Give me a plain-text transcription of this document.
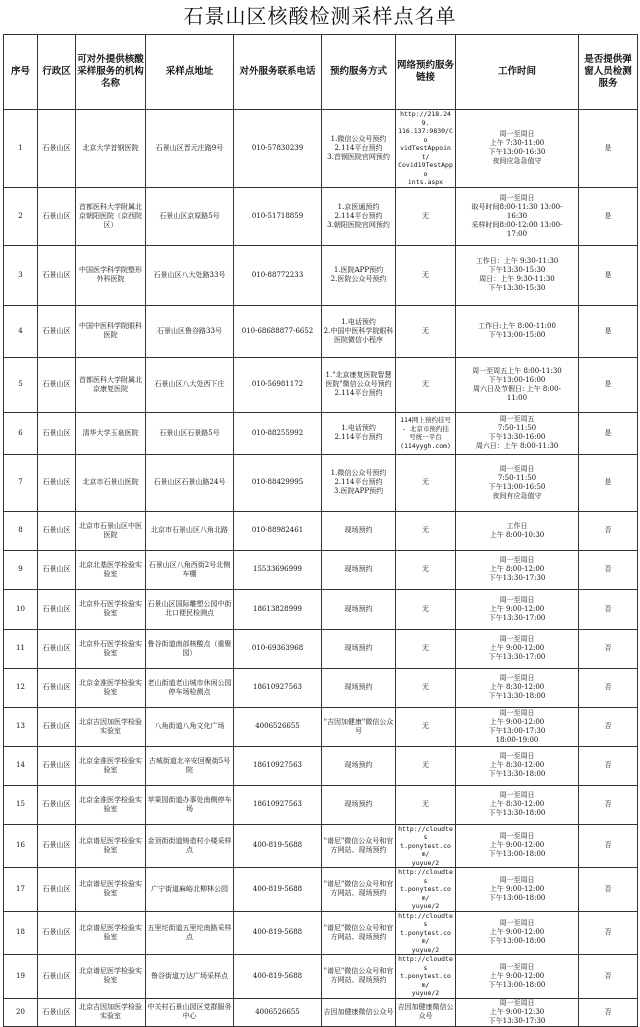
石景山区核酸检测采样点名单
序号	行政区	可对外提供核酸采样服务的机构名称	采样点地址	对外服务联系电话	预约服务方式	网络预约服务链接	工作时间	是否提供弹窗人员检测服务
1	石景山区	北京大学首钢医院	石景山区晋元庄路9号	010-57830239	1.微信公众号预约
2.114平台预约
3.首钢医院官网预约	http://218.249.
116.137:9830/Co
vidTestAppoint/
Covid19TestAppo
ints.aspx	周一至周日
上午 7:30-11:00
下午13:00-16:30
夜间应急急值守	是
2	石景山区	首都医科大学附属北京朝阳医院（京西院区）	石景山区京原路5号	010-51718859	1.京医通预约
2.114平台预约
3.朝阳医院官网预约	无	周一至周日
取号时间8:00-11:30 13:00-
16:30
采样时间8:00-12:00 13:00-
17:00	是
3	石景山区	中国医学科学院整形外科医院	石景山区八大处路33号	010-88772233	1.医院APP预约
2.医院公众号预约	无	工作日：上午 9:30-11:30
下午13:30-15:30
周日：上午 9:30-11:30
下午13:30-15:30	是
4	石景山区	中国中医科学院眼科医院	石景山区鲁谷路33号	010-68688877-6652	1.电话预约
2.中国中医科学院眼科医院微信小程序	无	工作日:上午 8:00-11:00
下午13:00-15:00	是
5	石景山区	首都医科大学附属北京康复医院	石景山区八大处西下庄	010-56981172	1."北京康复医院智慧医院"微信公众号预约
2.114平台预约	无	周一至周五上午 8:00-11:30
下午13:00-16:00
周六日及节假日: 上午 8:00-
11:00	是
6	石景山区	清华大学玉泉医院	石景山区石景路5号	010-88255992	1.电话预约
2.114平台预约	114网上预约挂号
- 北京市预约挂
号统一平台
(114yygh.com)	周一至周五
7:50-11:50
下午13:30-16:00
周六日：上午 8:00-11:30	是
7	石景山区	北京市石景山医院	石景山区石景山路24号	010-88429995	1.微信公众号预约
2.114平台预约
3.医院APP预约	无	周一至周日
7:50-11:50
下午13:00-16:50
夜间有应急值守	是
8	石景山区	北京市石景山区中医医院	北京市石景山区八角北路	010-88982461	现场预约	无	工作日
上午 8:00-10:30	否
9	石景山区	北京北基医学检验实验室	石景山区八角西街2号北侧车棚	15533696999	现场预约	无	周一至周日
上午 8:00-12:00
下午13:30-17:30	否
10	石景山区	北京朴石医学检验实验室	石景山区国际雕塑公园中街北口便民检测点	18613828999	现场预约	无	周一至周日
上午 9:00-12:00
下午13:30-17:00	否
11	石景山区	北京朴石医学检验实验室	鲁谷街道南部核酸点（重聚园）	010-69363968	现场预约	无	周一至周日
上午 9:00-12:00
下午13:30-17:00	否
12	石景山区	北京金准医学检验实验室	老山街道老山城市休闲公园停车场检测点	18610927563	现场预约	无	周一至周日
上午 8:30-12:00
下午13:30-18:00	否
13	石景山区	北京吉因加医学检验实验室	八角街道八角文化广场	4006526655	"吉因加健康"微信公众号	无	周一至周日
上午 9:00-12:00
下午13:00-17:30
18:00-19:00	否
14	石景山区	北京金准医学检验实验室	古城街道北辛安回聚街5号院	18610927563	现场预约	无	周一至周日
上午 8:30-12:00
下午13:30-18:00	否
15	石景山区	北京金准医学检验实验室	苹果园街道办事处南侧停车场	18610927563	现场预约	无	周一至周日
上午 8:30-12:00
下午13:30-18:00	否
16	石景山区	北京谱尼医学检验实验室	金顶街街道铸造村小楼采样点	400-819-5688	"谱尼"微信公众号和官方网站、现场预约	http://cloudtes
t.ponytest.com/
yuyue/2	周一至周日
上午 9:00-12:00
下午13:00-18:00	否
17	石景山区	北京谱尼医学检验实验室	广宁街道麻峪北柳林公园	400-819-5688	"谱尼"微信公众号和官方网站、现场预约	http://cloudtes
t.ponytest.com/
yuyue/2	周一至周日
上午 9:00-12:00
下午13:00-18:00	否
18	石景山区	北京谱尼医学检验实验室	五里坨街道五里坨南路采样点	400-819-5688	"谱尼"微信公众号和官方网站、现场预约	http://cloudtes
t.ponytest.com/
yuyue/2	周一至周日
上午 9:00-12:00
下午13:00-18:00	否
19	石景山区	北京谱尼医学检验实验室	鲁谷街道万达广场采样点	400-819-5688	"谱尼"微信公众号和官方网站、现场预约	http://cloudtes
t.ponytest.com/
yuyue/2	周一至周日
上午 9:00-12:00
下午13:00-18:00	否
20	石景山区	北京吉因加医学检验实验室	中关村石景山园区党群服务中心	4006526655	吉因加健康微信公众号	吉因加健康微信公众号	周一至周日
上午 9:00-12:30
下午13:30-17:30	否
